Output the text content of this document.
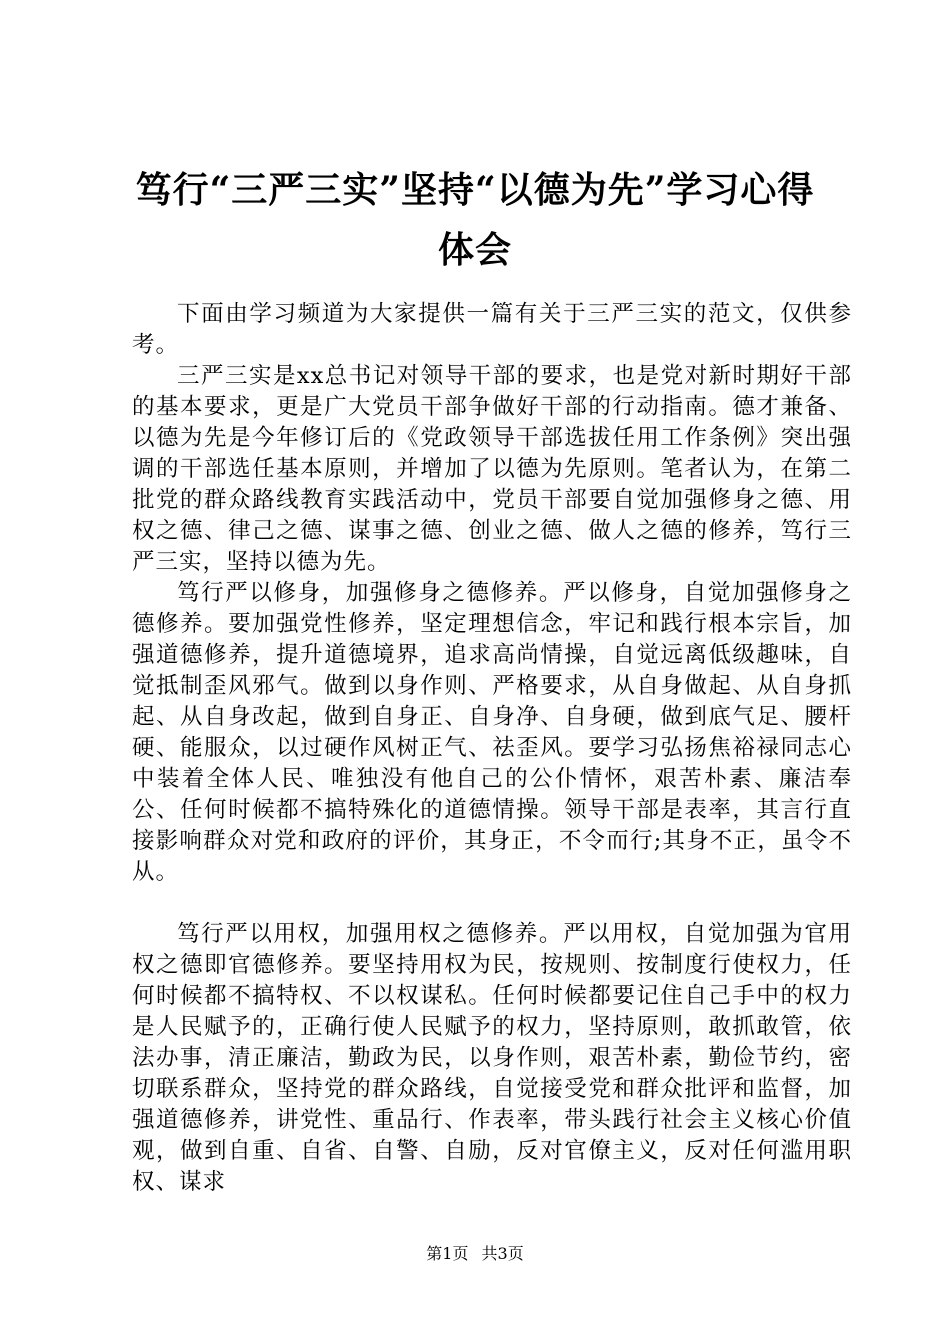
笃行“三严三实”坚持“以德为先”学习心得体会

下面由学习频道为大家提供一篇有关于三严三实的范文，仅供参考。

三严三实是xx总书记对领导干部的要求，也是党对新时期好干部的基本要求，更是广大党员干部争做好干部的行动指南。德才兼备、以德为先是今年修订后的《党政领导干部选拔任用工作条例》突出强调的干部选任基本原则，并增加了以德为先原则。笔者认为，在第二批党的群众路线教育实践活动中，党员干部要自觉加强修身之德、用权之德、律己之德、谋事之德、创业之德、做人之德的修养，笃行三严三实，坚持以德为先。

笃行严以修身，加强修身之德修养。严以修身，自觉加强修身之德修养。要加强党性修养，坚定理想信念，牢记和践行根本宗旨，加强道德修养，提升道德境界，追求高尚情操，自觉远离低级趣味，自觉抵制歪风邪气。做到以身作则、严格要求，从自身做起、从自身抓起、从自身改起，做到自身正、自身净、自身硬，做到底气足、腰杆硬、能服众，以过硬作风树正气、祛歪风。要学习弘扬焦裕禄同志心中装着全体人民、唯独没有他自己的公仆情怀，艰苦朴素、廉洁奉公、任何时候都不搞特殊化的道德情操。领导干部是表率，其言行直接影响群众对党和政府的评价，其身正，不令而行;其身不正，虽令不从。

笃行严以用权，加强用权之德修养。严以用权，自觉加强为官用权之德即官德修养。要坚持用权为民，按规则、按制度行使权力，任何时候都不搞特权、不以权谋私。任何时候都要记住自己手中的权力是人民赋予的，正确行使人民赋予的权力，坚持原则，敢抓敢管，依法办事，清正廉洁，勤政为民，以身作则，艰苦朴素，勤俭节约，密切联系群众，坚持党的群众路线，自觉接受党和群众批评和监督，加强道德修养，讲党性、重品行、作表率，带头践行社会主义核心价值观，做到自重、自省、自警、自励，反对官僚主义，反对任何滥用职权、谋求

第1页 共3页
